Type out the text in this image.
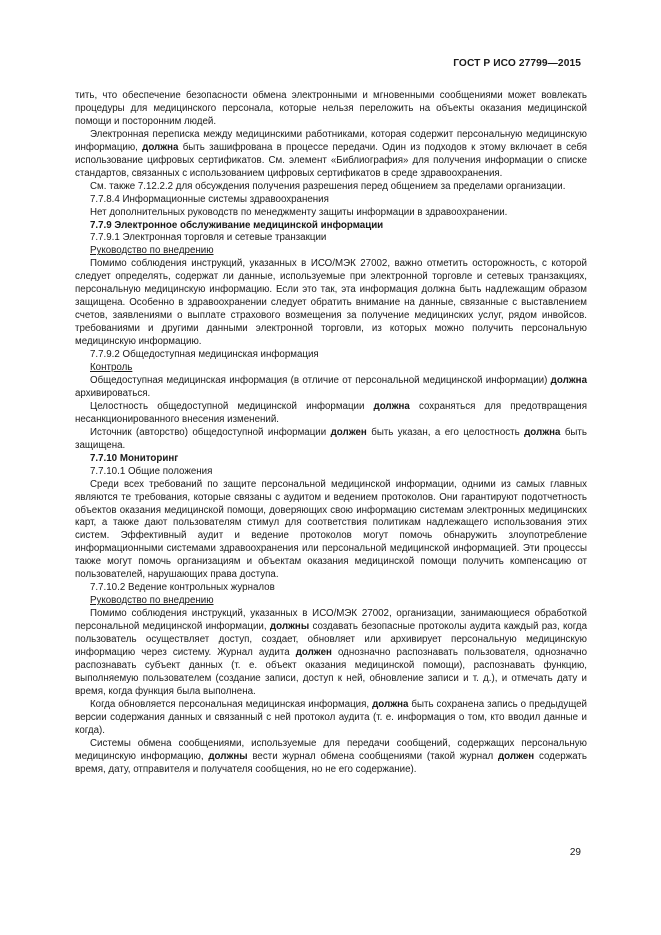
ГОСТ Р ИСО 27799—2015

тить, что обеспечение безопасности обмена электронными и мгновенными сообщениями может вовлекать процедуры для медицинского персонала, которые нельзя переложить на объекты оказания медицинской помощи и посторонним людей.

Электронная переписка между медицинскими работниками, которая содержит персональную медицинскую информацию, должна быть зашифрована в процессе передачи. Один из подходов к этому включает в себя использование цифровых сертификатов. См. элемент «Библиография» для получения информации о списке стандартов, связанных с использованием цифровых сертификатов в среде здравоохранения.

См. также 7.12.2.2 для обсуждения получения разрешения перед общением за пределами организации.

7.7.8.4 Информационные системы здравоохранения

Нет дополнительных руководств по менеджменту защиты информации в здравоохранении.

7.7.9 Электронное обслуживание медицинской информации

7.7.9.1 Электронная торговля и сетевые транзакции

Руководство по внедрению

Помимо соблюдения инструкций, указанных в ИСО/МЭК 27002, важно отметить осторожность, с которой следует определять, содержат ли данные, используемые при электронной торговле и сетевых транзакциях, персональную медицинскую информацию. Если это так, эта информация должна быть надлежащим образом защищена. Особенно в здравоохранении следует обратить внимание на данные, связанные с выставлением счетов, заявлениями о выплате страхового возмещения за получение медицинских услуг, рядом инвойсов. требованиями и другими данными электронной торговли, из которых можно получить персональную медицинскую информацию.

7.7.9.2 Общедоступная медицинская информация

Контроль

Общедоступная медицинская информация (в отличие от персональной медицинской информации) должна архивироваться.

Целостность общедоступной медицинской информации должна сохраняться для предотвращения несанкционированного внесения изменений.

Источник (авторство) общедоступной информации должен быть указан, а его целостность должна быть защищена.

7.7.10 Мониторинг

7.7.10.1 Общие положения

Среди всех требований по защите персональной медицинской информации, одними из самых главных являются те требования, которые связаны с аудитом и ведением протоколов. Они гарантируют подотчетность объектов оказания медицинской помощи, доверяющих свою информацию системам электронных медицинских карт, а также дают пользователям стимул для соответствия политикам надлежащего использования этих систем. Эффективный аудит и ведение протоколов могут помочь обнаружить злоупотребление информационными системами здравоохранения или персональной медицинской информацией. Эти процессы также могут помочь организациям и объектам оказания медицинской помощи получить компенсацию от пользователей, нарушающих права доступа.

7.7.10.2 Ведение контрольных журналов

Руководство по внедрению

Помимо соблюдения инструкций, указанных в ИСО/МЭК 27002, организации, занимающиеся обработкой персональной медицинской информации, должны создавать безопасные протоколы аудита каждый раз, когда пользователь осуществляет доступ, создает, обновляет или архивирует персональную медицинскую информацию через систему. Журнал аудита должен однозначно распознавать пользователя, однозначно распознавать субъект данных (т. е. объект оказания медицинской помощи), распознавать функцию, выполняемую пользователем (создание записи, доступ к ней, обновление записи и т. д.), и отмечать дату и время, когда функция была выполнена.

Когда обновляется персональная медицинская информация, должна быть сохранена запись о предыдущей версии содержания данных и связанный с ней протокол аудита (т. е. информация о том, кто вводил данные и когда).

Системы обмена сообщениями, используемые для передачи сообщений, содержащих персональную медицинскую информацию, должны вести журнал обмена сообщениями (такой журнал должен содержать время, дату, отправителя и получателя сообщения, но не его содержание).

29
